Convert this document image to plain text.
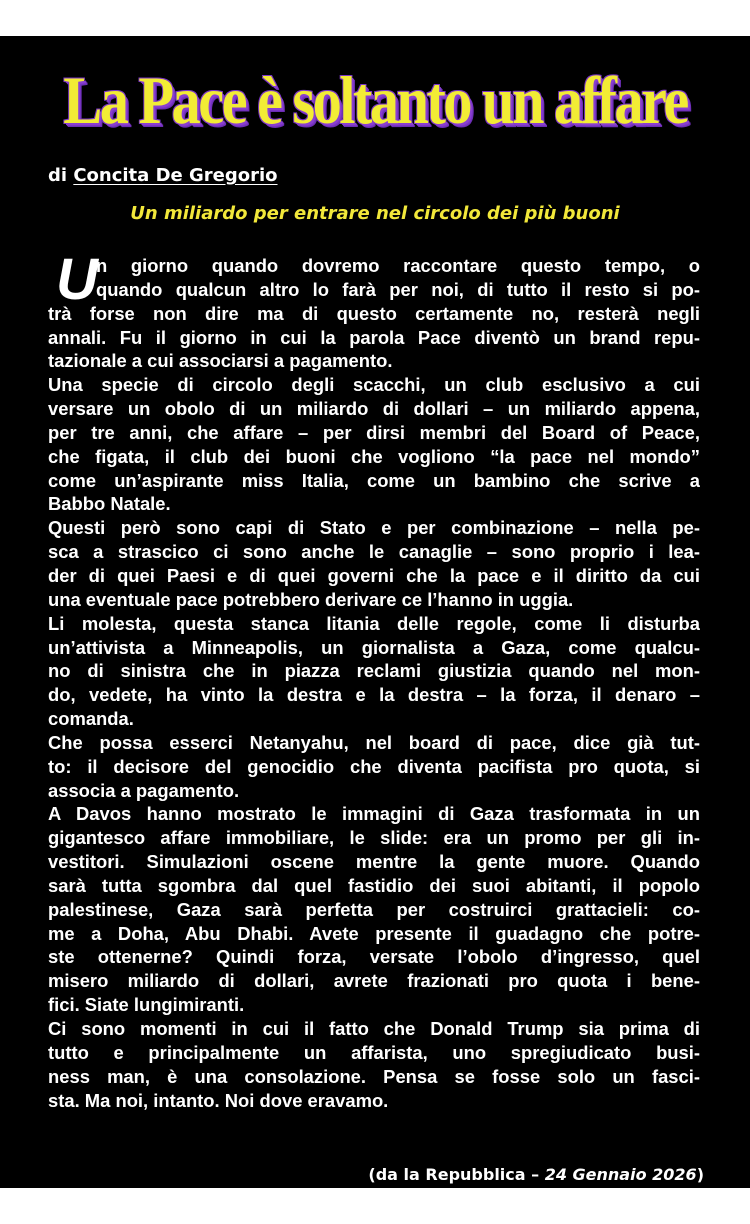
La Pace è soltanto un affare
di Concita De Gregorio
Un miliardo per entrare nel circolo dei più buoni
U
n giorno quando dovremo raccontare questo tempo, o
quando qualcun altro lo farà per noi, di tutto il resto si po-
trà forse non dire ma di questo certamente no, resterà negli
annali. Fu il giorno in cui la parola Pace diventò un brand repu-
tazionale a cui associarsi a pagamento.
Una specie di circolo degli scacchi, un club esclusivo a cui
versare un obolo di un miliardo di dollari – un miliardo appena,
per tre anni, che affare – per dirsi membri del Board of Peace,
che figata, il club dei buoni che vogliono “la pace nel mondo”
come un’aspirante miss Italia, come un bambino che scrive a
Babbo Natale.
Questi però sono capi di Stato e per combinazione – nella pe-
sca a strascico ci sono anche le canaglie – sono proprio i lea-
der di quei Paesi e di quei governi che la pace e il diritto da cui
una eventuale pace potrebbero derivare ce l’hanno in uggia.
Li molesta, questa stanca litania delle regole, come li disturba
un’attivista a Minneapolis, un giornalista a Gaza, come qualcu-
no di sinistra che in piazza reclami giustizia quando nel mon-
do, vedete, ha vinto la destra e la destra – la forza, il denaro –
comanda.
Che possa esserci Netanyahu, nel board di pace, dice già tut-
to: il decisore del genocidio che diventa pacifista pro quota, si
associa a pagamento.
A Davos hanno mostrato le immagini di Gaza trasformata in un
gigantesco affare immobiliare, le slide: era un promo per gli in-
vestitori. Simulazioni oscene mentre la gente muore. Quando
sarà tutta sgombra dal quel fastidio dei suoi abitanti, il popolo
palestinese, Gaza sarà perfetta per costruirci grattacieli: co-
me a Doha, Abu Dhabi. Avete presente il guadagno che potre-
ste ottenerne? Quindi forza, versate l’obolo d’ingresso, quel
misero miliardo di dollari, avrete frazionati pro quota i bene-
fici. Siate lungimiranti.
Ci sono momenti in cui il fatto che Donald Trump sia prima di
tutto e principalmente un affarista, uno spregiudicato busi-
ness man, è una consolazione. Pensa se fosse solo un fasci-
sta. Ma noi, intanto. Noi dove eravamo.
(da la Repubblica – 24 Gennaio 2026)
